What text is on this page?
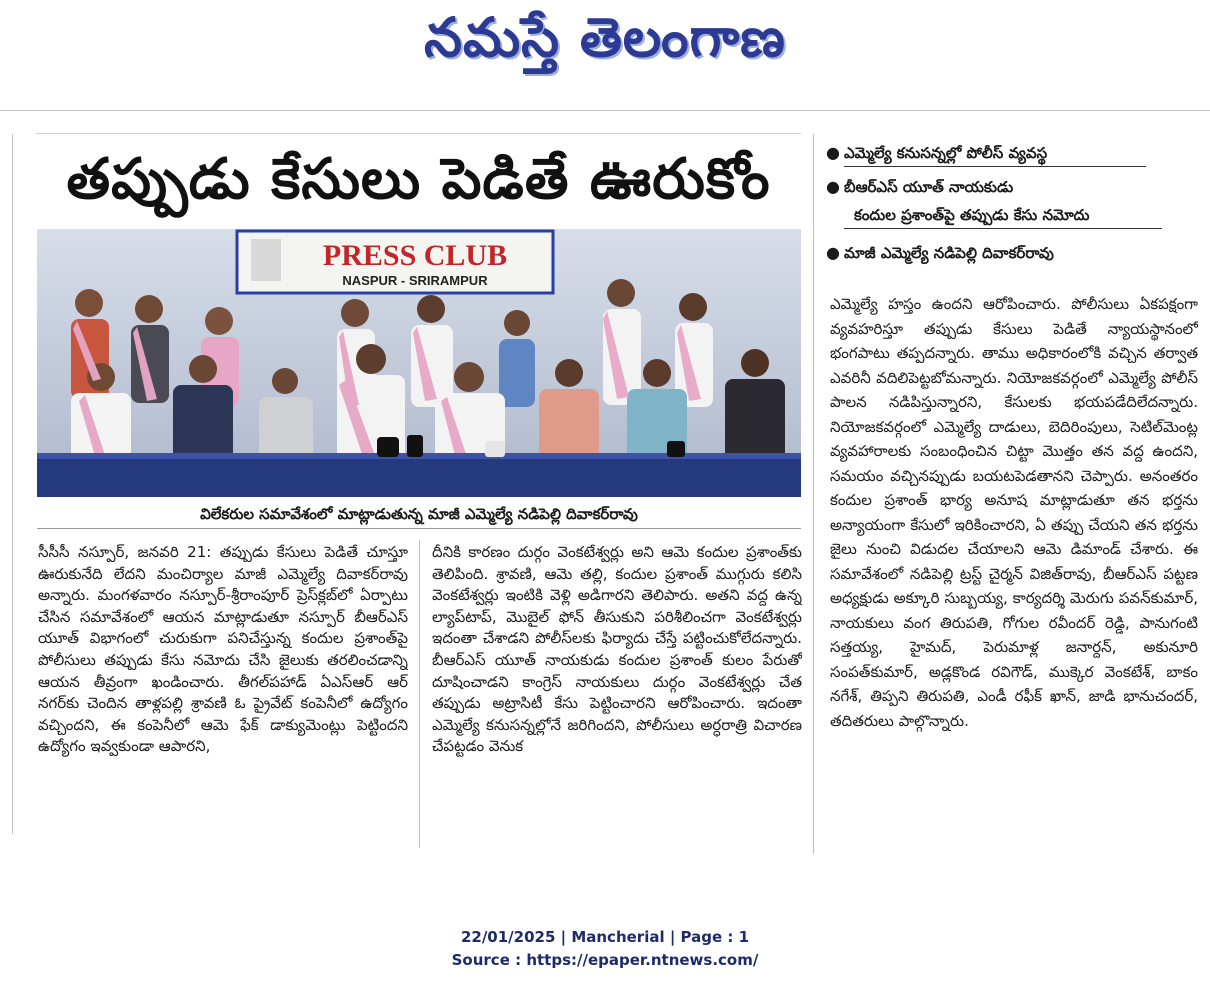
నమస్తే తెలంగాణ
తప్పుడు కేసులు పెడితే ఊరుకోం	● ఎమ్మెల్యే కనుసన్నల్లో పోలీస్ వ్యవస్థ
● బీఆర్ఎస్ యూత్ నాయకుడు
కందుల ప్రశాంత్‌పై తప్పుడు కేసు నమోదు
● మాజీ ఎమ్మెల్యే నడిపెల్లి దివాకర్‌రావు
PRESS CLUB
NASPUR - SRIRAMPUR
విలేకరుల సమావేశంలో మాట్లాడుతున్న మాజీ ఎమ్మెల్యే నడిపెల్లి దివాకర్‌రావు
సీసీసీ నస్పూర్, జనవరి 21: తప్పుడు కేసులు పెడితే చూస్తూ ఊరుకునేది లేదని మంచిర్యాల మాజీ ఎమ్మెల్యే దివాకర్‌రావు అన్నారు. మంగళవారం నస్పూర్-శ్రీరాంపూర్ ప్రెస్‌క్లబ్‌లో ఏర్పాటు చేసిన సమావేశంలో ఆయన మాట్లాడుతూ నస్పూర్ బీఆర్ఎస్ యూత్ విభాగంలో చురుకుగా పనిచేస్తున్న కందుల ప్రశాంత్‌పై పోలీసులు తప్పుడు కేసు నమోదు చేసి జైలుకు తరలించడాన్ని ఆయన తీవ్రంగా ఖండించారు. తీగల్‌పహాడ్ ఏఎస్ఆర్ ఆర్ నగర్‌కు చెందిన తాళ్లపల్లి శ్రావణి ఓ ప్రైవేట్ కంపెనీలో ఉద్యోగం వచ్చిందని, ఈ కంపెనీలో ఆమె ఫేక్ డాక్యుమెంట్లు పెట్టిందని ఉద్యోగం ఇవ్వకుండా ఆపారని,
దీనికి కారణం దుర్గం వెంకటేశ్వర్లు అని ఆమె కందుల ప్రశాంత్‌కు తెలిపింది. శ్రావణి, ఆమె తల్లి, కందుల ప్రశాంత్ ముగ్గురు కలిసి వెంకటేశ్వర్లు ఇంటికి వెళ్లి అడిగారని తెలిపారు. అతని వద్ద ఉన్న ల్యాప్‌టాప్, మొబైల్ ఫోన్ తీసుకుని పరిశీలించగా వెంకటేశ్వర్లు ఇదంతా చేశాడని పోలీస్‌లకు ఫిర్యాదు చేస్తే పట్టించుకోలేదన్నారు. బీఆర్ఎస్ యూత్ నాయకుడు కందుల ప్రశాంత్ కులం పేరుతో దూషించాడని కాంగ్రెస్ నాయకులు దుర్గం వెంకటేశ్వర్లు చేత తప్పుడు అట్రాసిటీ కేసు పెట్టించారని ఆరోపించారు. ఇదంతా ఎమ్మెల్యే కనుసన్నల్లోనే జరిగిందని, పోలీసులు అర్ధరాత్రి విచారణ చేపట్టడం వెనుక
ఎమ్మెల్యే హస్తం ఉందని ఆరోపించారు. పోలీసులు ఏకపక్షంగా వ్యవహరిస్తూ తప్పుడు కేసులు పెడితే న్యాయస్థానంలో భంగపాటు తప్పదన్నారు. తాము అధికారంలోకి వచ్చిన తర్వాత ఎవరినీ వదిలిపెట్టబోమన్నారు. నియోజకవర్గంలో ఎమ్మెల్యే పోలీస్ పాలన నడిపిస్తున్నారని, కేసులకు భయపడేదిలేదన్నారు. నియోజకవర్గంలో ఎమ్మెల్యే దాడులు, బెదిరింపులు, సెటిల్‌మెంట్ల వ్యవహారాలకు సంబంధించిన చిట్టా మొత్తం తన వద్ద ఉందని, సమయం వచ్చినప్పుడు బయటపెడతానని చెప్పారు. అనంతరం కందుల ప్రశాంత్ భార్య అనూష మాట్లాడుతూ తన భర్తను అన్యాయంగా కేసులో ఇరికించారని, ఏ తప్పు చేయని తన భర్తను జైలు నుంచి విడుదల చేయాలని ఆమె డిమాండ్ చేశారు. ఈ సమావేశంలో నడిపెల్లి ట్రస్ట్ చైర్మన్ విజిత్‌రావు, బీఆర్ఎస్ పట్టణ అధ్యక్షుడు అక్కూరి సుబ్బయ్య, కార్యదర్శి మెరుగు పవన్‌కుమార్, నాయకులు వంగ తిరుపతి, గోగుల రవీందర్ రెడ్డి, పానుగంటి సత్తయ్య, హైమద్, పెరుమాళ్ల జనార్దన్, అకునూరి సంపత్‌కుమార్, అడ్లకొండ రవిగౌడ్, ముక్కెర వెంకటేశ్, బాకం నగేశ్, తిప్పని తిరుపతి, ఎండీ రఫీక్ ఖాన్, జాడి భానుచందర్, తదితరులు పాల్గొన్నారు.
22/01/2025 | Mancherial | Page : 1
Source : https://epaper.ntnews.com/
